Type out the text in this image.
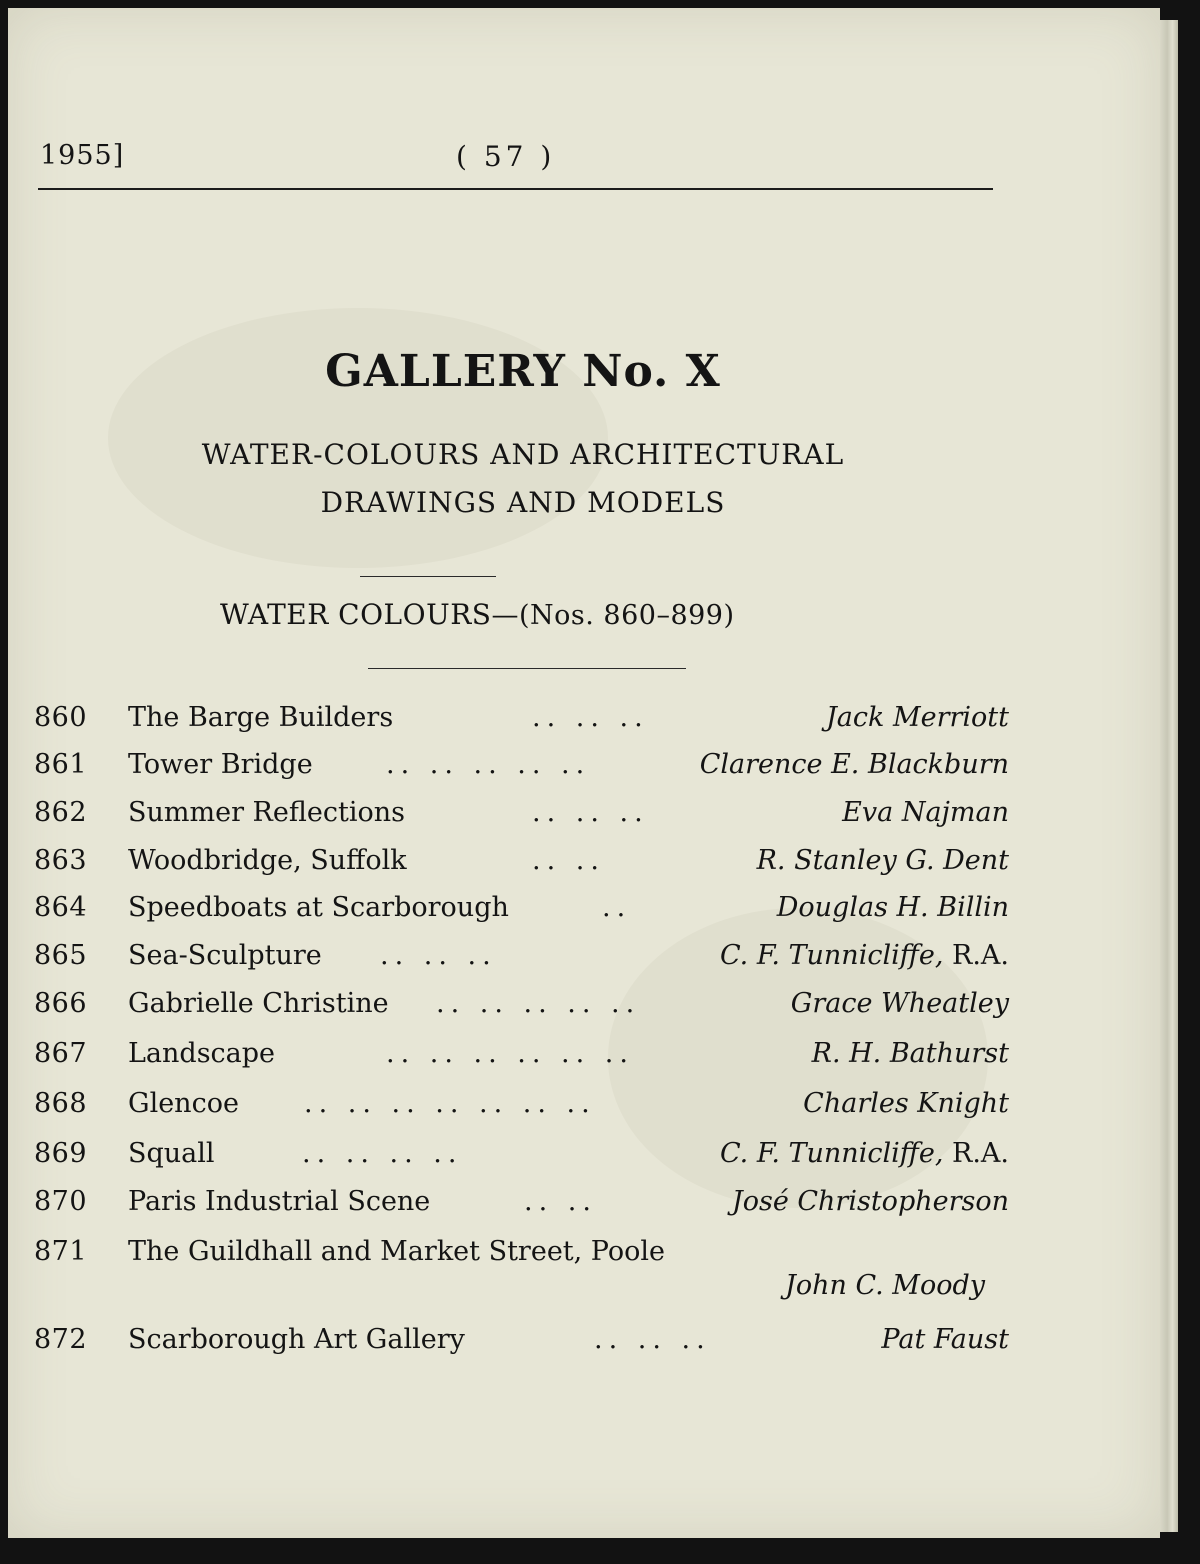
1955]	( 57 )
GALLERY No. X
WATER-COLOURS AND ARCHITECTURAL
DRAWINGS AND MODELS
WATER COLOURS—(Nos. 860–899)
860 The Barge Builders	.. .. ..	Jack Merriott
861 Tower Bridge	.. .. .. .. ..	Clarence E. Blackburn
862 Summer Reflections	.. .. ..	Eva Najman
863 Woodbridge, Suffolk	.. ..	R. Stanley G. Dent
864 Speedboats at Scarborough	..	Douglas H. Billin
865 Sea-Sculpture .. .. ..	C. F. Tunnicliffe, R.A.
866 Gabrielle Christine .. .. .. .. ..	Grace Wheatley
867 Landscape	.. .. .. .. .. ..	R. H. Bathurst
868 Glencoe .. .. .. .. .. .. ..	Charles Knight
869 Squall	.. .. .. ..	C. F. Tunnicliffe, R.A.
870 Paris Industrial Scene	.. ..	José Christopherson
871 The Guildhall and Market Street, Poole
John C. Moody
872 Scarborough Art Gallery	.. .. ..	Pat Faust
